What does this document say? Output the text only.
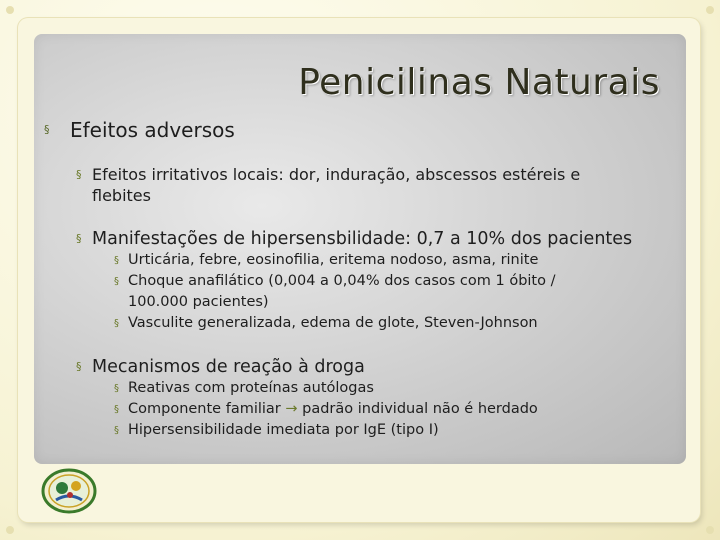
Penicilinas Naturais

§ Efeitos adversos

§ Efeitos irritativos locais: dor, induração, abscessos estéreis e
flebites

§ Manifestações de hipersensbilidade: 0,7 a 10% dos pacientes

§ Urticária, febre, eosinofilia, eritema nodoso, asma, rinite

§ Choque anafilático (0,004 a 0,04% dos casos com 1 óbito /
100.000 pacientes)

§ Vasculite generalizada, edema de glote, Steven-Johnson

§ Mecanismos de reação à droga

§ Reativas com proteínas autólogas

§ Componente familiar → padrão individual não é herdado

§ Hipersensibilidade imediata por IgE (tipo I)
